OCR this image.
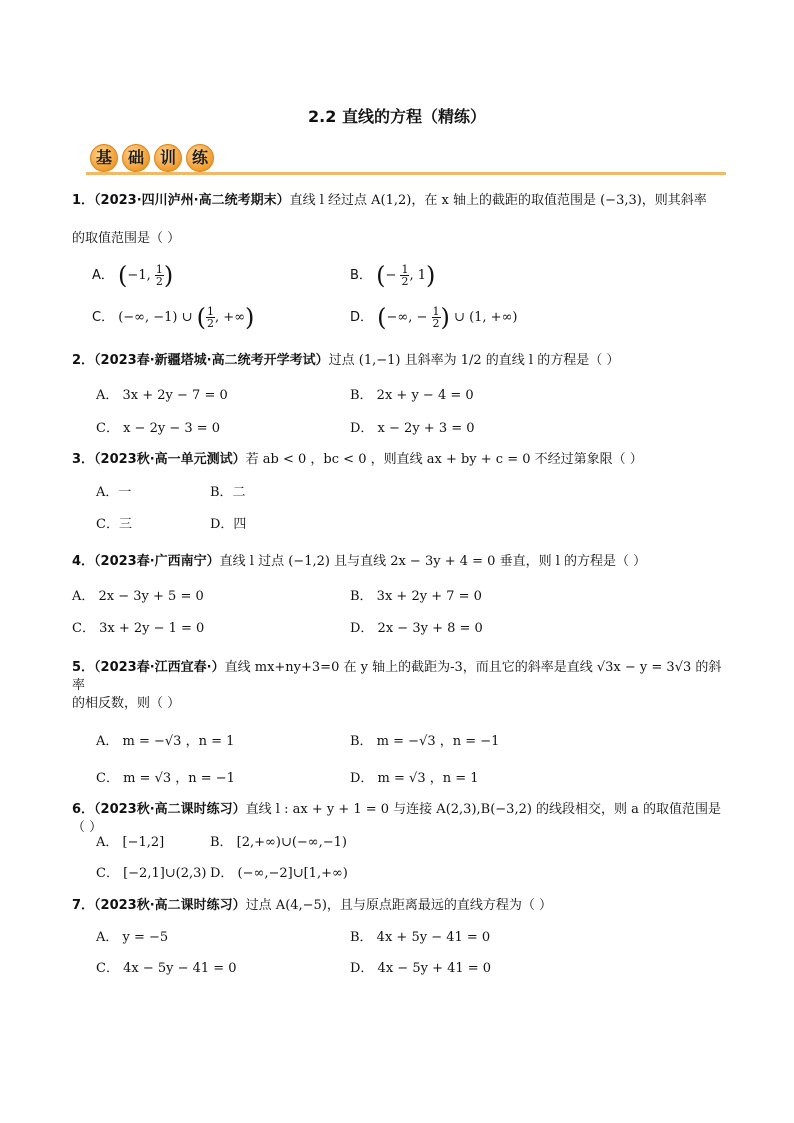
2.2 直线的方程（精练）
基 础 训 练
1．（2023·四川泸州·高二统考期末）直线 l 经过点 A(1,2)，在 x 轴上的截距的取值范围是 (−3,3)，则其斜率
的取值范围是（ ）
A． (−1, $\frac{1}{2}$ )	B． (− $\frac{1}{2}$ , 1)
C． (−∞, −1) ∪ ( $\frac{1}{2}$ , +∞)	D． (−∞, − $\frac{1}{2}$ ) ∪ (1, +∞)
2．（2023春·新疆塔城·高二统考开学考试）过点 (1,−1) 且斜率为 1/2 的直线 l 的方程是（ ）
A． 3x + 2y − 7 = 0	B． 2x + y − 4 = 0
C． x − 2y − 3 = 0	D． x − 2y + 3 = 0
3．（2023秋·高一单元测试）若 ab < 0 ，bc < 0 ，则直线 ax + by + c = 0 不经过第象限（ ）
A．一	B．二
C．三	D．四
4．（2023春·广西南宁）直线 l 过点 (−1,2) 且与直线 2x − 3y + 4 = 0 垂直，则 l 的方程是（ ）
A． 2x − 3y + 5 = 0	B． 3x + 2y + 7 = 0
C． 3x + 2y − 1 = 0	D． 2x − 3y + 8 = 0
5．（2023春·江西宜春·）直线 mx+ny+3=0 在 y 轴上的截距为-3，而且它的斜率是直线 √3x − y = 3√3 的斜率
的相反数，则（ ）
A． m = −√3 ，n = 1	B． m = −√3 ，n = −1
C． m = √3 ，n = −1	D． m = √3 ，n = 1
6．（2023秋·高二课时练习）直线 l : ax + y + 1 = 0 与连接 A(2,3),B(−3,2) 的线段相交，则 a 的取值范围是（ ）
A． [−1,2]	B． [2,+∞)∪(−∞,−1)
C． [−2,1]∪(2,3) D． (−∞,−2]∪[1,+∞)
7．（2023秋·高二课时练习）过点 A(4,−5)，且与原点距离最远的直线方程为（ ）
A． y = −5	B． 4x + 5y − 41 = 0
C． 4x − 5y − 41 = 0	D． 4x − 5y + 41 = 0
